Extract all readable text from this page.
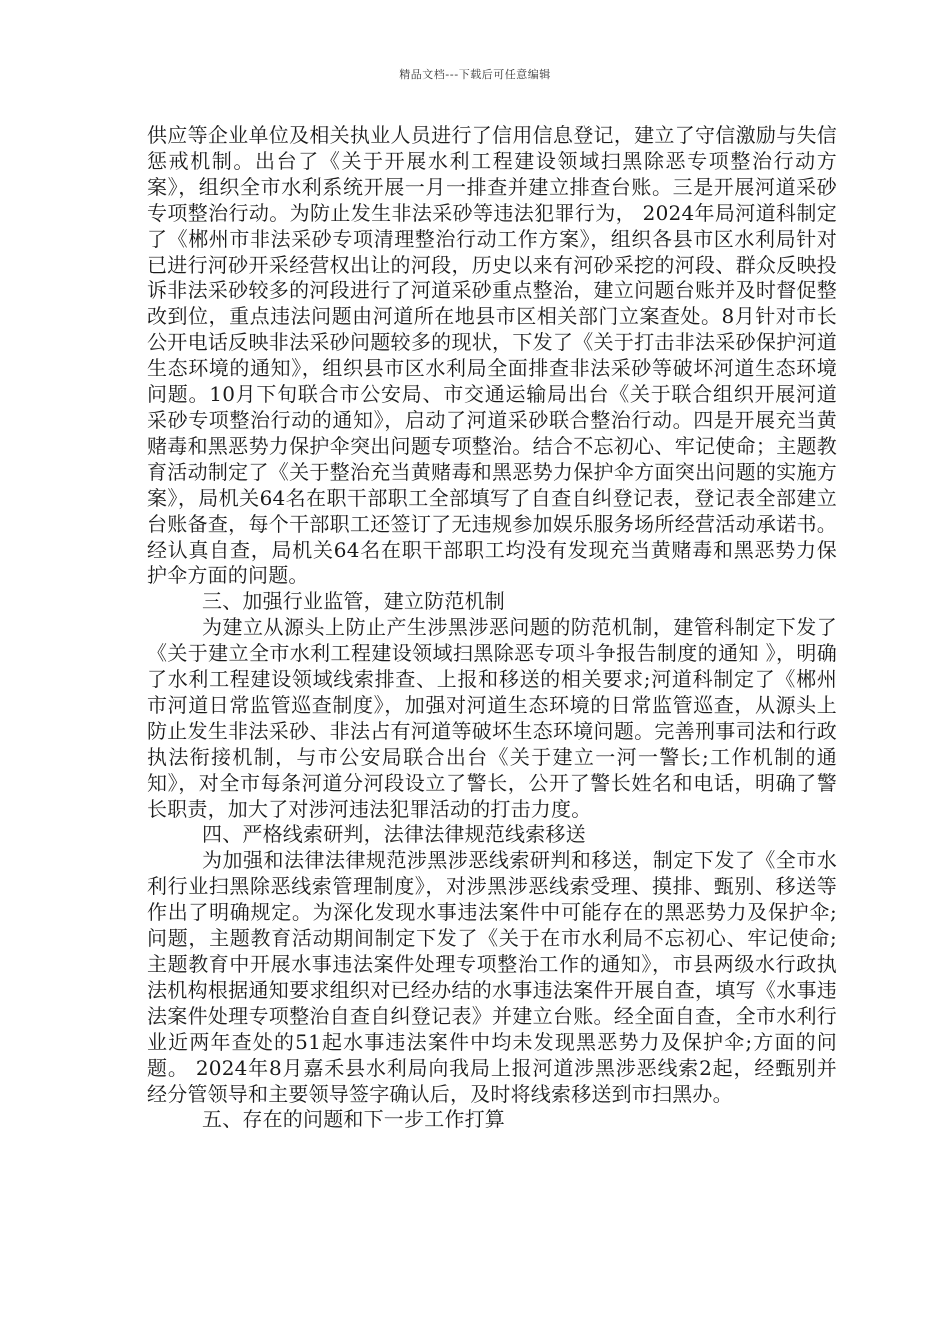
精品文档---下载后可任意编辑

供应等企业单位及相关执业人员进行了信用信息登记，建立了守信激励与失信惩戒机制。出台了《关于开展水利工程建设领域扫黑除恶专项整治行动方案》，组织全市水利系统开展一月一排查并建立排查台账。三是开展河道采砂专项整治行动。为防止发生非法采砂等违法犯罪行为， 2024年局河道科制定了《郴州市非法采砂专项清理整治行动工作方案》，组织各县市区水利局针对已进行河砂开采经营权出让的河段，历史以来有河砂采挖的河段、群众反映投诉非法采砂较多的河段进行了河道采砂重点整治，建立问题台账并及时督促整改到位，重点违法问题由河道所在地县市区相关部门立案查处。8月针对市长公开电话反映非法采砂问题较多的现状，下发了《关于打击非法采砂保护河道生态环境的通知》，组织县市区水利局全面排查非法采砂等破坏河道生态环境问题。10月下旬联合市公安局、市交通运输局出台《关于联合组织开展河道采砂专项整治行动的通知》，启动了河道采砂联合整治行动。四是开展充当黄赌毒和黑恶势力保护伞突出问题专项整治。结合不忘初心、牢记使命；主题教育活动制定了《关于整治充当黄赌毒和黑恶势力保护伞方面突出问题的实施方案》，局机关64名在职干部职工全部填写了自查自纠登记表，登记表全部建立台账备查，每个干部职工还签订了无违规参加娱乐服务场所经营活动承诺书。经认真自查，局机关64名在职干部职工均没有发现充当黄赌毒和黑恶势力保护伞方面的问题。

三、加强行业监管，建立防范机制

为建立从源头上防止产生涉黑涉恶问题的防范机制，建管科制定下发了《关于建立全市水利工程建设领域扫黑除恶专项斗争报告制度的通知 》，明确了水利工程建设领域线索排查、上报和移送的相关要求;河道科制定了《郴州市河道日常监管巡查制度》，加强对河道生态环境的日常监管巡查，从源头上防止发生非法采砂、非法占有河道等破坏生态环境问题。完善刑事司法和行政执法衔接机制，与市公安局联合出台《关于建立一河一警长;工作机制的通知》，对全市每条河道分河段设立了警长，公开了警长姓名和电话，明确了警长职责，加大了对涉河违法犯罪活动的打击力度。

四、严格线索研判，法律法律规范线索移送

为加强和法律法律规范涉黑涉恶线索研判和移送，制定下发了《全市水利行业扫黑除恶线索管理制度》，对涉黑涉恶线索受理、摸排、甄别、移送等作出了明确规定。为深化发现水事违法案件中可能存在的黑恶势力及保护伞;问题，主题教育活动期间制定下发了《关于在市水利局不忘初心、牢记使命;主题教育中开展水事违法案件处理专项整治工作的通知》，市县两级水行政执法机构根据通知要求组织对已经办结的水事违法案件开展自查，填写《水事违法案件处理专项整治自查自纠登记表》并建立台账。经全面自查，全市水利行业近两年查处的51起水事违法案件中均未发现黑恶势力及保护伞;方面的问题。 2024年8月嘉禾县水利局向我局上报河道涉黑涉恶线索2起，经甄别并经分管领导和主要领导签字确认后，及时将线索移送到市扫黑办。

五、存在的问题和下一步工作打算
